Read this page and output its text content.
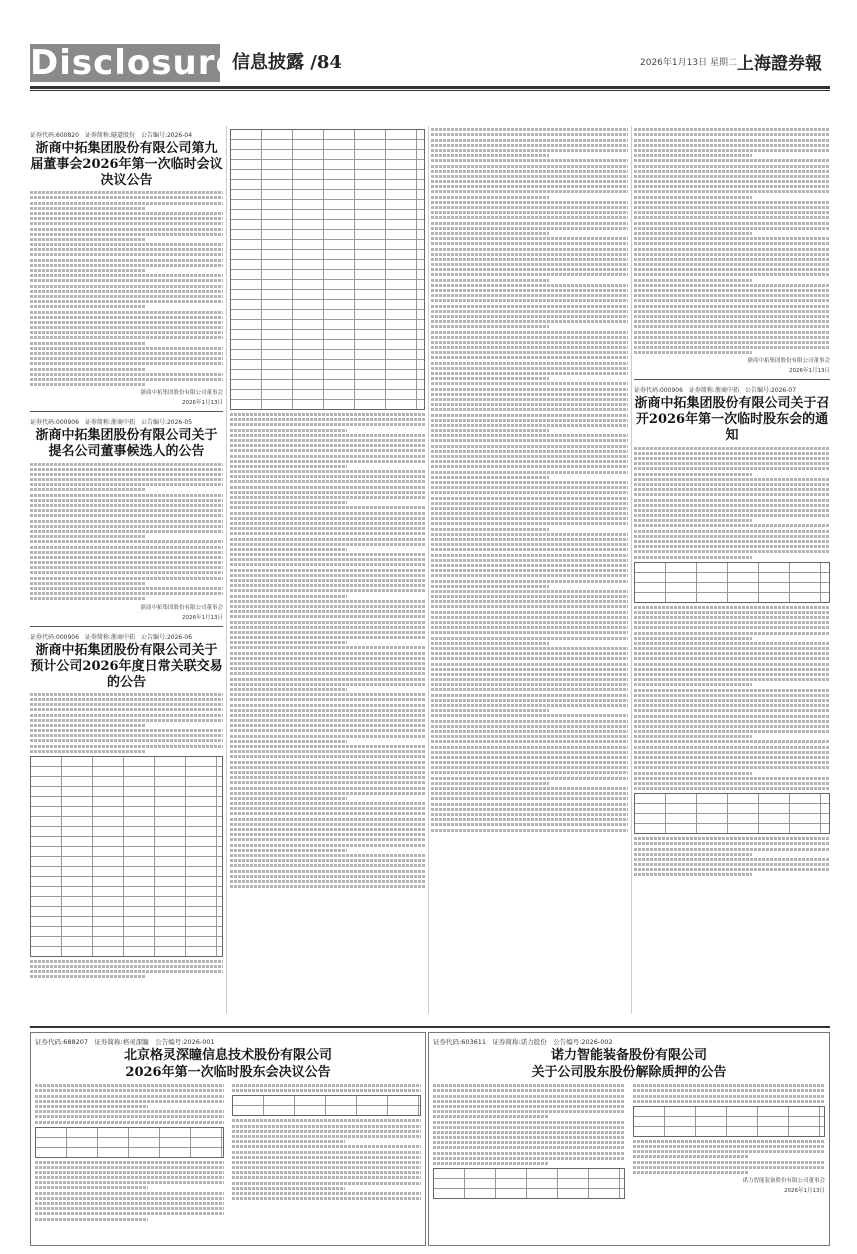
Disclosure
信息披露 /84	2026年1月13日 星期二 上海證券報
证券代码:600820　证券简称:隧道股份　公告编号:2026-04
浙商中拓集团股份有限公司第九届董事会2026年第一次临时会议决议公告
浙商中拓集团股份有限公司董事会
2026年1月13日
证券代码:000906　证券简称:浙商中拓　公告编号:2026-05
浙商中拓集团股份有限公司关于提名公司董事候选人的公告
浙商中拓集团股份有限公司董事会
2026年1月13日
证券代码:000906　证券简称:浙商中拓　公告编号:2026-06
浙商中拓集团股份有限公司关于预计公司2026年度日常关联交易的公告
浙商中拓集团股份有限公司董事会
2026年1月13日
证券代码:000906　证券简称:浙商中拓　公告编号:2026-07
浙商中拓集团股份有限公司关于召开2026年第一次临时股东会的通知
证券代码:688207　证券简称:格灵深瞳　公告编号:2026-001
北京格灵深瞳信息技术股份有限公司
2026年第一次临时股东会决议公告
证券代码:603611　证券简称:诺力股份　公告编号:2026-002
诺力智能装备股份有限公司
关于公司股东股份解除质押的公告
诺力智能装备股份有限公司董事会
2026年1月13日
